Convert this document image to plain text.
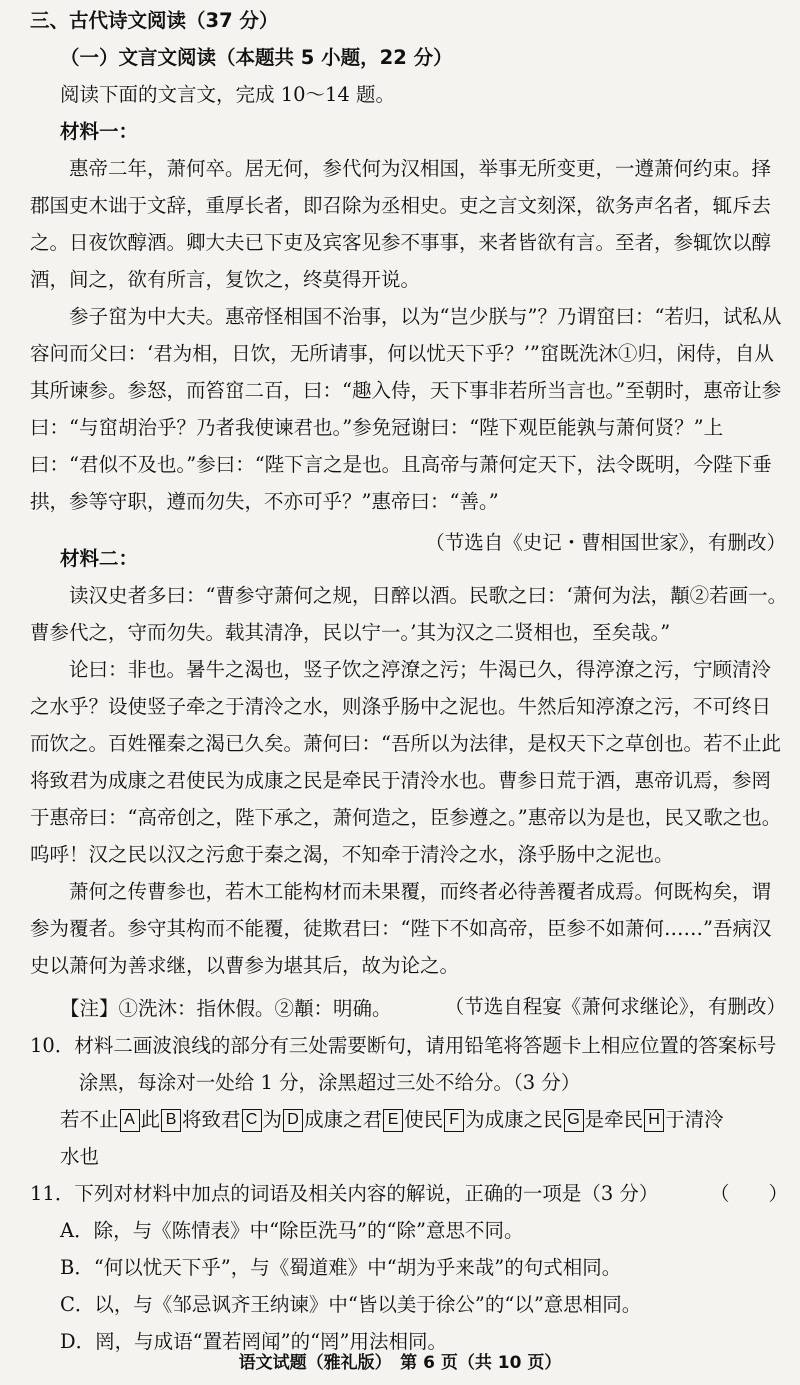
三、古代诗文阅读（37 分）

（一）文言文阅读（本题共 5 小题，22 分）

阅读下面的文言文，完成 10～14 题。

材料一：

惠帝二年，萧何卒。居无何，参代何为汉相国，举事无所变更，一遵萧何约束。择郡国吏木诎于文辞，重厚长者，即召除为丞相史。吏之言文刻深，欲务声名者，辄斥去之。日夜饮醇酒。卿大夫已下吏及宾客见参不事事，来者皆欲有言。至者，参辄饮以醇酒，间之，欲有所言，复饮之，终莫得开说。

参子窋为中大夫。惠帝怪相国不治事，以为“岂少朕与”？乃谓窋曰：“若归，试私从容问而父曰：‘君为相，日饮，无所请事，何以忧天下乎？’”窋既洗沐①归，闲侍，自从其所谏参。参怒，而笞窋二百，曰：“趣入侍，天下事非若所当言也。”至朝时，惠帝让参曰：“与窋胡治乎？乃者我使谏君也。”参免冠谢曰：“陛下观臣能孰与萧何贤？”上曰：“君似不及也。”参曰：“陛下言之是也。且高帝与萧何定天下，法令既明，今陛下垂拱，参等守职，遵而勿失，不亦可乎？”惠帝曰：“善。”

（节选自《史记・曹相国世家》，有删改）

材料二：

读汉史者多曰：“曹参守萧何之规，日醉以酒。民歌之曰：‘萧何为法，顜②若画一。曹参代之，守而勿失。载其清净，民以宁一。’其为汉之二贤相也，至矣哉。”

论曰：非也。暑牛之渴也，竖子饮之渟潦之污；牛渴已久，得渟潦之污，宁顾清泠之水乎？设使竖子牵之于清泠之水，则涤乎肠中之泥也。牛然后知渟潦之污，不可终日而饮之。百姓罹秦之渴已久矣。萧何曰：“吾所以为法律，是权天下之草创也。若不止此将致君为成康之君使民为成康之民是牵民于清泠水也。曹参日荒于酒，惠帝讥焉，参罔于惠帝曰：“高帝创之，陛下承之，萧何造之，臣参遵之。”惠帝以为是也，民又歌之也。呜呼！汉之民以汉之污愈于秦之渴，不知牵于清泠之水，涤乎肠中之泥也。

萧何之传曹参也，若木工能构材而未果覆，而终者必待善覆者成焉。何既构矣，谓参为覆者。参守其构而不能覆，徒欺君曰：“陛下不如高帝，臣参不如萧何……”吾病汉史以萧何为善求继，以曹参为堪其后，故为论之。

（节选自程宴《萧何求继论》，有删改）

【注】①洗沐：指休假。②顜：明确。

10．材料二画波浪线的部分有三处需要断句，请用铅笔将答题卡上相应位置的答案标号涂黑，每涂对一处给 1 分，涂黑超过三处不给分。（3 分）

若不止 A 此 B 将致君 C 为 D 成康之君 E 使民 F 为成康之民 G 是牵民 H 于清泠

水也

11．下列对材料中加点的词语及相关内容的解说，正确的一项是（3 分）	（　　）

A．除，与《陈情表》中“除臣洗马”的“除”意思不同。

B．“何以忧天下乎”，与《蜀道难》中“胡为乎来哉”的句式相同。

C．以，与《邹忌讽齐王纳谏》中“皆以美于徐公”的“以”意思相同。

D．罔，与成语“置若罔闻”的“罔”用法相同。

语文试题（雅礼版）　第 6 页（共 10 页）
